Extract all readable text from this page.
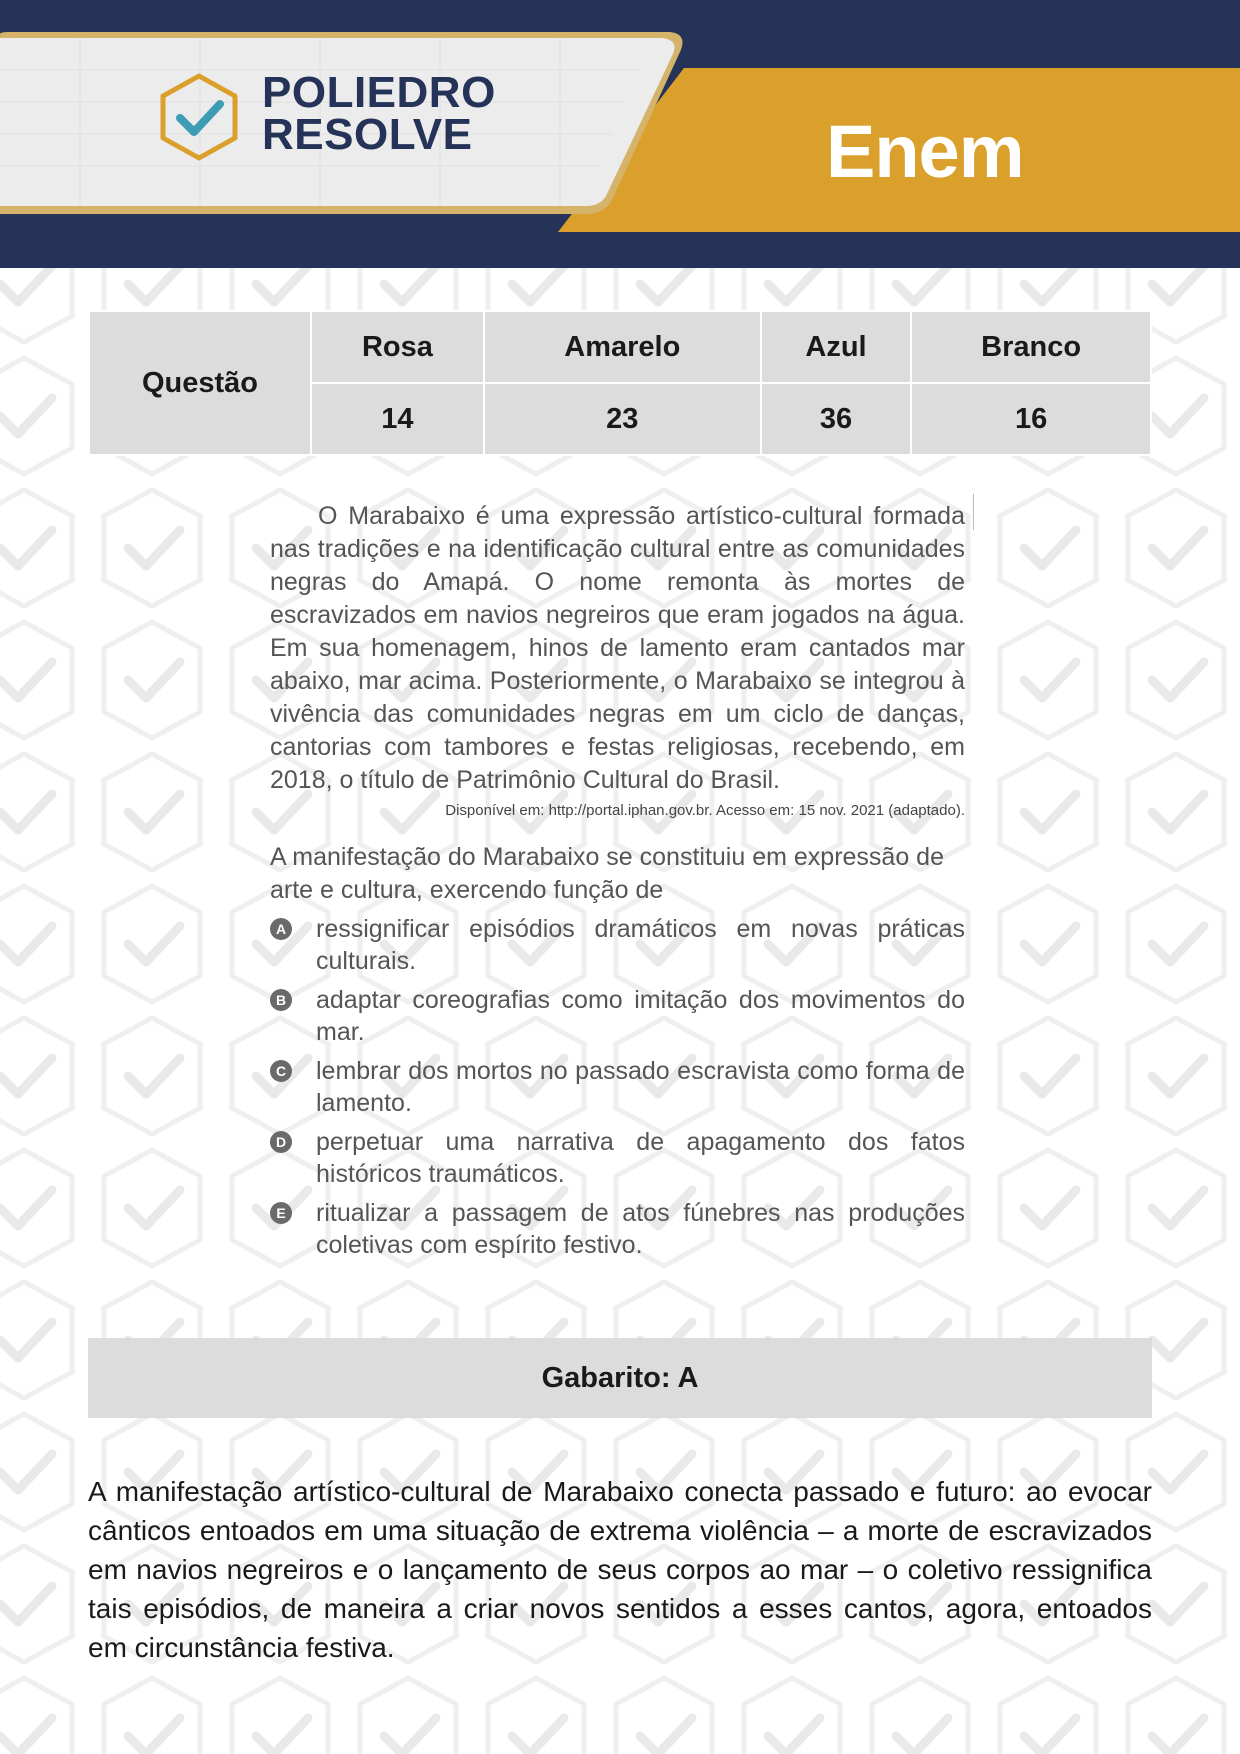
POLIEDRO
RESOLVE	Enem
Questão	Rosa	Amarelo	Azul	Branco
	14	23	36	16

O Marabaixo é uma expressão artístico-cultural formada nas tradições e na identificação cultural entre as comunidades negras do Amapá. O nome remonta às mortes de escravizados em navios negreiros que eram jogados na água. Em sua homenagem, hinos de lamento eram cantados mar abaixo, mar acima. Posteriormente, o Marabaixo se integrou à vivência das comunidades negras em um ciclo de danças, cantorias com tambores e festas religiosas, recebendo, em 2018, o título de Patrimônio Cultural do Brasil.

Disponível em: http://portal.iphan.gov.br. Acesso em: 15 nov. 2021 (adaptado).

A manifestação do Marabaixo se constituiu em expressão de arte e cultura, exercendo função de

A ressignificar episódios dramáticos em novas práticas culturais.
B adaptar coreografias como imitação dos movimentos do mar.
C lembrar dos mortos no passado escravista como forma de lamento.
D perpetuar uma narrativa de apagamento dos fatos históricos traumáticos.
E ritualizar a passagem de atos fúnebres nas produções coletivas com espírito festivo.
Gabarito: A
A manifestação artístico-cultural de Marabaixo conecta passado e futuro: ao evocar cânticos entoados em uma situação de extrema violência – a morte de escravizados em navios negreiros e o lançamento de seus corpos ao mar – o coletivo ressignifica tais episódios, de maneira a criar novos sentidos a esses cantos, agora, entoados em circunstância festiva.
